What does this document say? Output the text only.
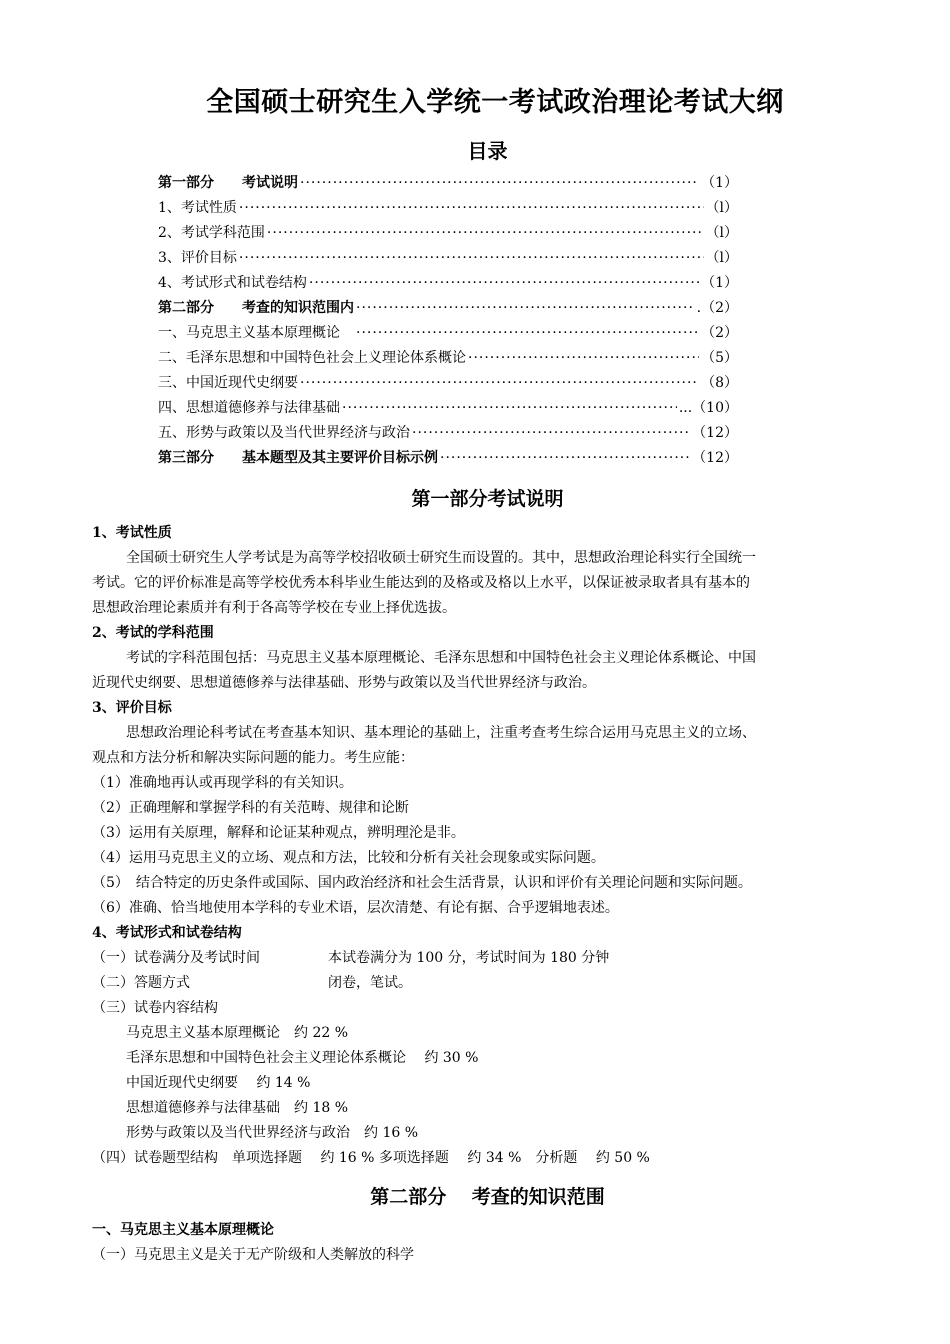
全国硕士研究生入学统一考试政治理论考试大纲
目录
第一部分　　考试说明 ·····	（1）
1、考试性质 ·····	（l）
2、考试学科范围 ·····	（l）
3、评价目标 ·····	（l）
4、考试形式和试卷结构 ·····	（1）
第二部分　　考查的知识范围内 ·····	.（2）
一、马克思主义基本原理概论　 ·····	（2）
二、毛泽东思想和中国特色社会上义理论体系概论 ·····	（5）
三、中国近现代史纲要 ·····	（8）
四、思想道德修养与法律基础 ·····	...（10）
五、形势与政策以及当代世界经济与政治 ·····	（12）
第三部分　　基本题型及其主要评价目标示例 ·····	（12）
第一部分考试说明
1、考试性质
全国硕士研究生人学考试是为高等学校招收硕士研究生而设置的。其中，思想政治理论科实行全国统一
考试。它的评价标准是高等学校优秀本科毕业生能达到的及格或及格以上水平，以保证被录取者具有基本的
思想政治理论素质并有利于各高等学校在专业上择优选拔。
2、考试的学科范围
考试的字科范围包括：马克思主义基本原理概论、毛泽东思想和中国特色社会主义理论体系概论、中国
近现代史纲要、思想道德修养与法律基础、形势与政策以及当代世界经济与政治。
3、评价目标
思想政治理论科考试在考查基本知识、基本理论的基础上，注重考查考生综合运用马克思主义的立场、
观点和方法分析和解决实际问题的能力。考生应能：
（1）准确地再认或再现学科的有关知识。
（2）正确理解和掌握学科的有关范畴、规律和论断
（3）运用有关原理，解释和论证某种观点，辨明理沦是非。
（4）运用马克思主义的立场、观点和方法，比较和分析有关社会现象或实际问题。
（5）　结合特定的历史条件或国际、国内政治经济和社会生活背景，认识和评价有关理论问题和实际问题。
（6）准确、恰当地使用本学科的专业术语，层次清楚、有论有据、合乎逻辑地表述。
4、考试形式和试卷结构
（一）试卷满分及考试时间	本试卷满分为 100 分，考试时间为 180 分钟
（二）答题方式	闭卷，笔试。
（三）试卷内容结构
马克思主义基本原理概论　约 22 %
毛泽东思想和中国特色社会主义理论体系概论　 约 30 %
中国近现代史纲要　 约 14 %
思想道德修养与法律基础　约 18 %
形势与政策以及当代世界经济与政治　约 16 %
（四）试卷题型结构　单项选择题　 约 16 % 多项选择题　 约 34 %　分析题　 约 50 %
第二部分　 考查的知识范围
一、马克思主义基本原理概论
（一）马克思主义是关于无产阶级和人类解放的科学
